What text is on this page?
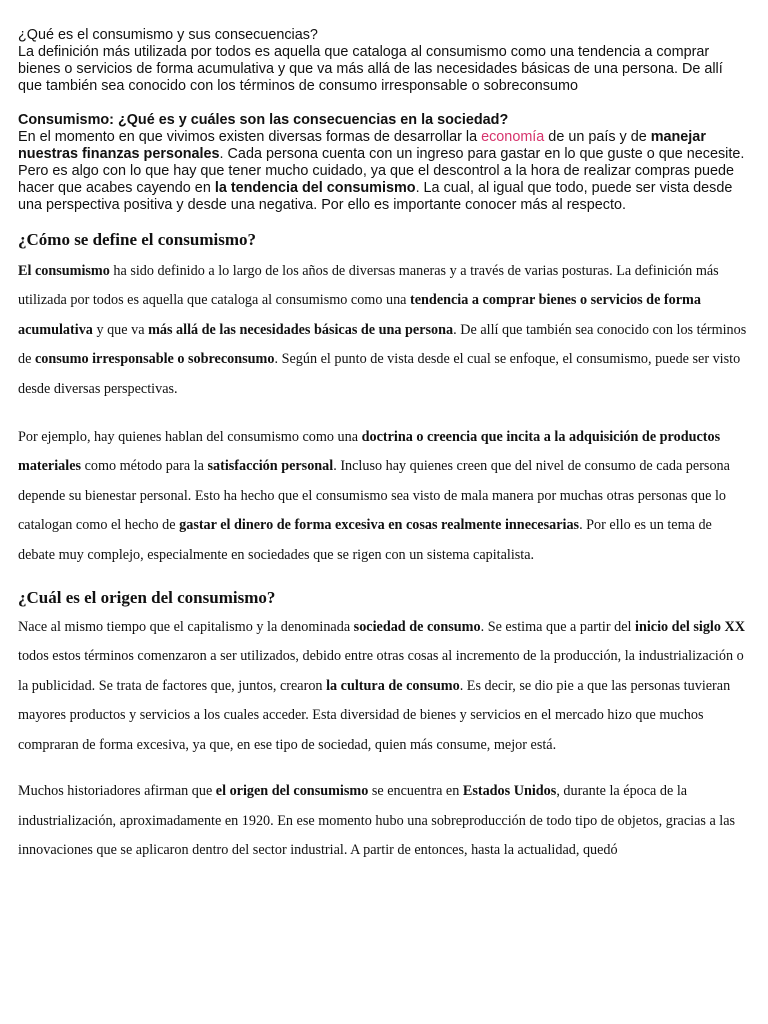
¿Qué es el consumismo y sus consecuencias?

La definición más utilizada por todos es aquella que cataloga al consumismo como una tendencia a comprar bienes o servicios de forma acumulativa y que va más allá de las necesidades básicas de una persona. De allí que también sea conocido con los términos de consumo irresponsable o sobreconsumo

Consumismo: ¿Qué es y cuáles son las consecuencias en la sociedad?

En el momento en que vivimos existen diversas formas de desarrollar la economía de un país y de manejar nuestras finanzas personales. Cada persona cuenta con un ingreso para gastar en lo que guste o que necesite. Pero es algo con lo que hay que tener mucho cuidado, ya que el descontrol a la hora de realizar compras puede hacer que acabes cayendo en la tendencia del consumismo. La cual, al igual que todo, puede ser vista desde una perspectiva positiva y desde una negativa. Por ello es importante conocer más al respecto.

¿Cómo se define el consumismo?

El consumismo ha sido definido a lo largo de los años de diversas maneras y a través de varias posturas. La definición más utilizada por todos es aquella que cataloga al consumismo como una tendencia a comprar bienes o servicios de forma acumulativa y que va más allá de las necesidades básicas de una persona. De allí que también sea conocido con los términos de consumo irresponsable o sobreconsumo. Según el punto de vista desde el cual se enfoque, el consumismo, puede ser visto desde diversas perspectivas.

Por ejemplo, hay quienes hablan del consumismo como una doctrina o creencia que incita a la adquisición de productos materiales como método para la satisfacción personal. Incluso hay quienes creen que del nivel de consumo de cada persona depende su bienestar personal. Esto ha hecho que el consumismo sea visto de mala manera por muchas otras personas que lo catalogan como el hecho de gastar el dinero de forma excesiva en cosas realmente innecesarias. Por ello es un tema de debate muy complejo, especialmente en sociedades que se rigen con un sistema capitalista.

¿Cuál es el origen del consumismo?

Nace al mismo tiempo que el capitalismo y la denominada sociedad de consumo. Se estima que a partir del inicio del siglo XX todos estos términos comenzaron a ser utilizados, debido entre otras cosas al incremento de la producción, la industrialización o la publicidad. Se trata de factores que, juntos, crearon la cultura de consumo. Es decir, se dio pie a que las personas tuvieran mayores productos y servicios a los cuales acceder. Esta diversidad de bienes y servicios en el mercado hizo que muchos compraran de forma excesiva, ya que, en ese tipo de sociedad, quien más consume, mejor está.

Muchos historiadores afirman que el origen del consumismo se encuentra en Estados Unidos, durante la época de la industrialización, aproximadamente en 1920. En ese momento hubo una sobreproducción de todo tipo de objetos, gracias a las innovaciones que se aplicaron dentro del sector industrial. A partir de entonces, hasta la actualidad, quedó
